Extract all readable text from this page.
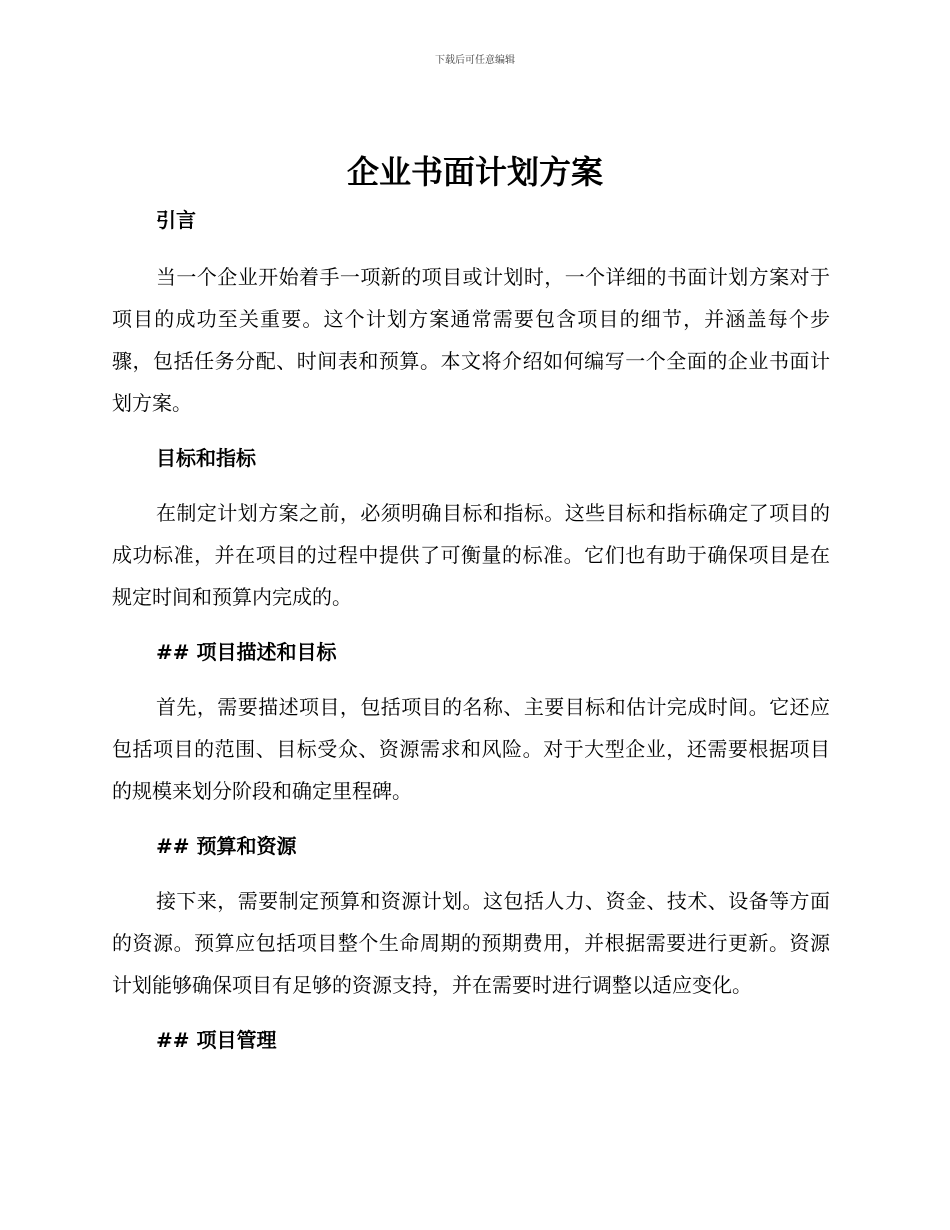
下载后可任意编辑
企业书面计划方案
引言

当一个企业开始着手一项新的项目或计划时，一个详细的书面计划方案对于项目的成功至关重要。这个计划方案通常需要包含项目的细节，并涵盖每个步骤，包括任务分配、时间表和预算。本文将介绍如何编写一个全面的企业书面计划方案。

目标和指标

在制定计划方案之前，必须明确目标和指标。这些目标和指标确定了项目的成功标准，并在项目的过程中提供了可衡量的标准。它们也有助于确保项目是在规定时间和预算内完成的。

## 项目描述和目标

首先，需要描述项目，包括项目的名称、主要目标和估计完成时间。它还应包括项目的范围、目标受众、资源需求和风险。对于大型企业，还需要根据项目的规模来划分阶段和确定里程碑。

## 预算和资源

接下来，需要制定预算和资源计划。这包括人力、资金、技术、设备等方面的资源。预算应包括项目整个生命周期的预期费用，并根据需要进行更新。资源计划能够确保项目有足够的资源支持，并在需要时进行调整以适应变化。

## 项目管理
